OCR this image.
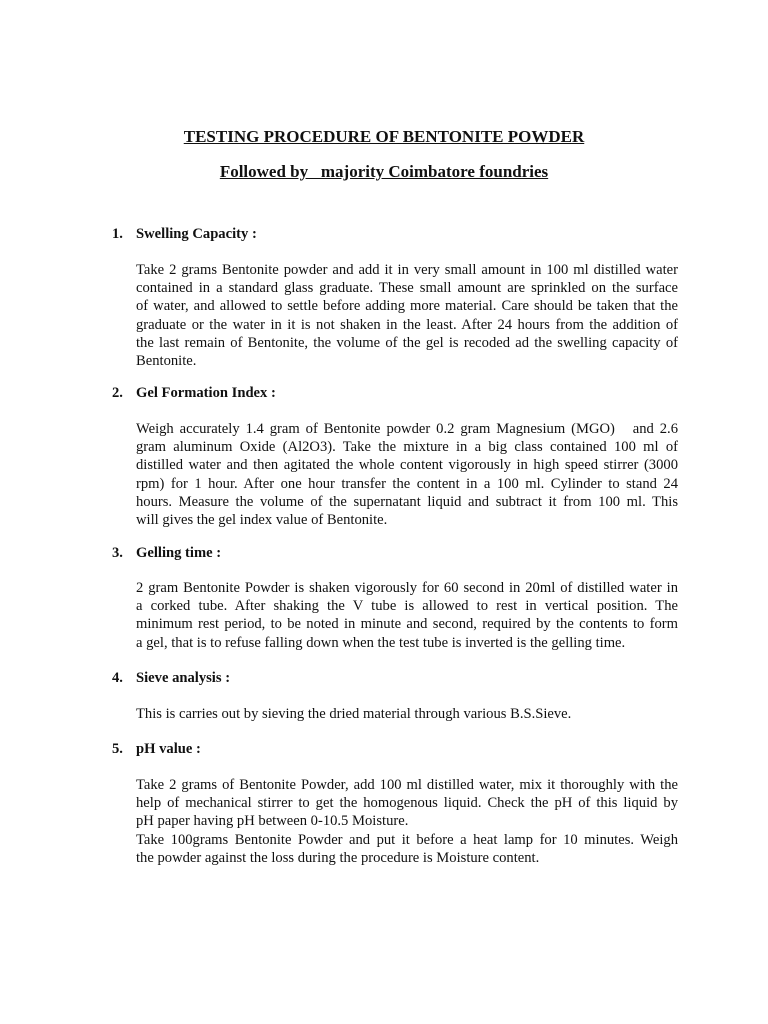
TESTING PROCEDURE OF BENTONITE POWDER
Followed by   majority Coimbatore foundries
1. Swelling Capacity :
Take 2 grams Bentonite powder and add it in very small amount in 100 ml distilled water
contained in a standard glass graduate. These small amount are sprinkled on the surface
of water, and allowed to settle before adding more material. Care should be taken that the
graduate or the water in it is not shaken in the least. After 24 hours from the addition of
the last remain of Bentonite, the volume of the gel is recoded ad the swelling capacity of
Bentonite.
2. Gel Formation Index :
Weigh accurately 1.4 gram of Bentonite powder 0.2 gram Magnesium (MGO)   and 2.6
gram aluminum Oxide (Al2O3). Take the mixture in a big class contained 100 ml of
distilled water and then agitated the whole content vigorously in high speed stirrer (3000
rpm) for 1 hour. After one hour transfer the content in a 100 ml. Cylinder to stand 24
hours. Measure the volume of the supernatant liquid and subtract it from 100 ml. This
will gives the gel index value of Bentonite.
3. Gelling time :
2 gram Bentonite Powder is shaken vigorously for 60 second in 20ml of distilled water in
a corked tube. After shaking the V tube is allowed to rest in vertical position. The
minimum rest period, to be noted in minute and second, required by the contents to form
a gel, that is to refuse falling down when the test tube is inverted is the gelling time.
4. Sieve analysis :
This is carries out by sieving the dried material through various B.S.Sieve.
5. pH value :
Take 2 grams of Bentonite Powder, add 100 ml distilled water, mix it thoroughly with the
help of mechanical stirrer to get the homogenous liquid. Check the pH of this liquid by
pH paper having pH between 0-10.5 Moisture.
Take 100grams Bentonite Powder and put it before a heat lamp for 10 minutes. Weigh
the powder against the loss during the procedure is Moisture content.
